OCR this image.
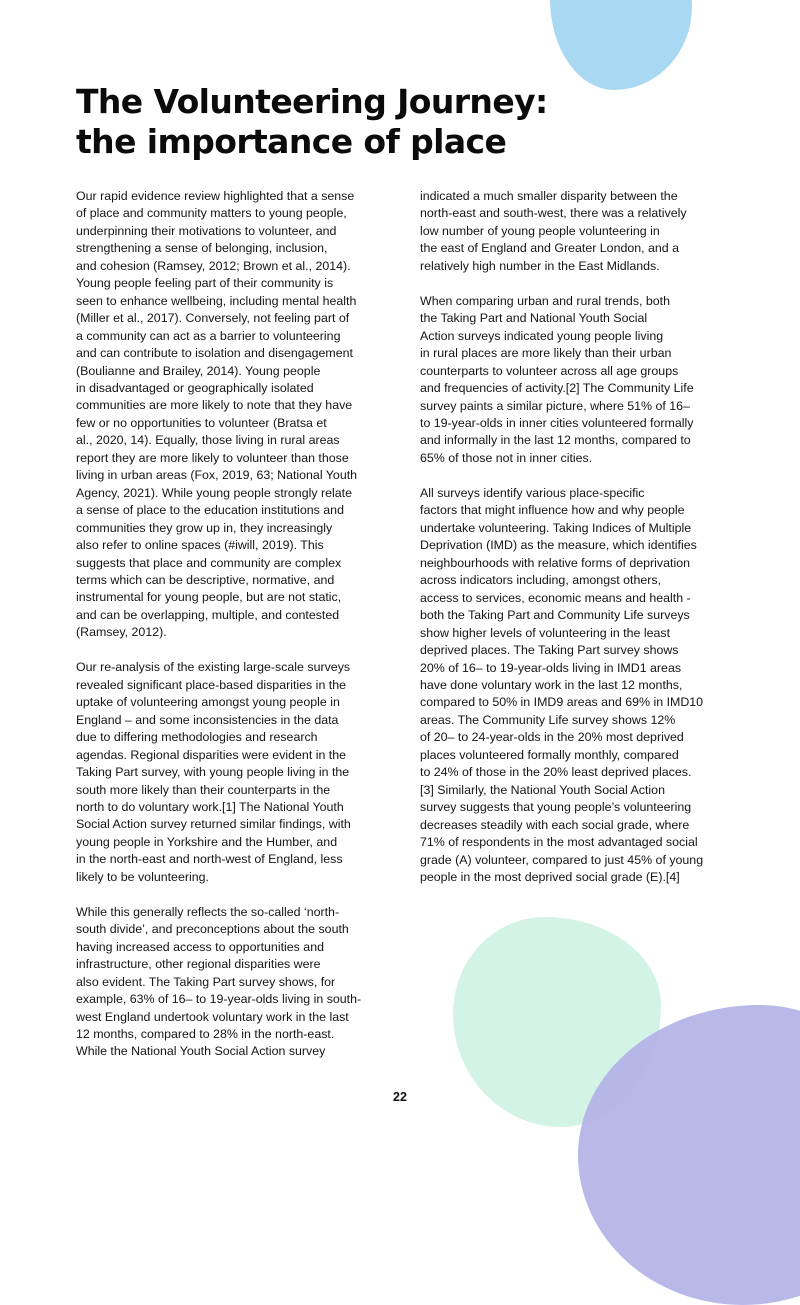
The Volunteering Journey:
the importance of place

Our rapid evidence review highlighted that a sense
of place and community matters to young people,
underpinning their motivations to volunteer, and
strengthening a sense of belonging, inclusion,
and cohesion (Ramsey, 2012; Brown et al., 2014).
Young people feeling part of their community is
seen to enhance wellbeing, including mental health
(Miller et al., 2017). Conversely, not feeling part of
a community can act as a barrier to volunteering
and can contribute to isolation and disengagement
(Boulianne and Brailey, 2014). Young people
in disadvantaged or geographically isolated
communities are more likely to note that they have
few or no opportunities to volunteer (Bratsa et
al., 2020, 14). Equally, those living in rural areas
report they are more likely to volunteer than those
living in urban areas (Fox, 2019, 63; National Youth
Agency, 2021). While young people strongly relate
a sense of place to the education institutions and
communities they grow up in, they increasingly
also refer to online spaces (#iwill, 2019). This
suggests that place and community are complex
terms which can be descriptive, normative, and
instrumental for young people, but are not static,
and can be overlapping, multiple, and contested
(Ramsey, 2012).

Our re-analysis of the existing large-scale surveys
revealed significant place-based disparities in the
uptake of volunteering amongst young people in
England – and some inconsistencies in the data
due to differing methodologies and research
agendas. Regional disparities were evident in the
Taking Part survey, with young people living in the
south more likely than their counterparts in the
north to do voluntary work.[1] The National Youth
Social Action survey returned similar findings, with
young people in Yorkshire and the Humber, and
in the north-east and north-west of England, less
likely to be volunteering.

While this generally reflects the so-called ‘north-
south divide’, and preconceptions about the south
having increased access to opportunities and
infrastructure, other regional disparities were
also evident. The Taking Part survey shows, for
example, 63% of 16– to 19-year-olds living in south-
west England undertook voluntary work in the last
12 months, compared to 28% in the north-east.
While the National Youth Social Action survey

indicated a much smaller disparity between the
north-east and south-west, there was a relatively
low number of young people volunteering in
the east of England and Greater London, and a
relatively high number in the East Midlands.

When comparing urban and rural trends, both
the Taking Part and National Youth Social
Action surveys indicated young people living
in rural places are more likely than their urban
counterparts to volunteer across all age groups
and frequencies of activity.[2] The Community Life
survey paints a similar picture, where 51% of 16–
to 19-year-olds in inner cities volunteered formally
and informally in the last 12 months, compared to
65% of those not in inner cities.

All surveys identify various place-specific
factors that might influence how and why people
undertake volunteering. Taking Indices of Multiple
Deprivation (IMD) as the measure, which identifies
neighbourhoods with relative forms of deprivation
across indicators including, amongst others,
access to services, economic means and health -
both the Taking Part and Community Life surveys
show higher levels of volunteering in the least
deprived places. The Taking Part survey shows
20% of 16– to 19-year-olds living in IMD1 areas
have done voluntary work in the last 12 months,
compared to 50% in IMD9 areas and 69% in IMD10
areas. The Community Life survey shows 12%
of 20– to 24-year-olds in the 20% most deprived
places volunteered formally monthly, compared
to 24% of those in the 20% least deprived places.
[3] Similarly, the National Youth Social Action
survey suggests that young people’s volunteering
decreases steadily with each social grade, where
71% of respondents in the most advantaged social
grade (A) volunteer, compared to just 45% of young
people in the most deprived social grade (E).[4]

22
